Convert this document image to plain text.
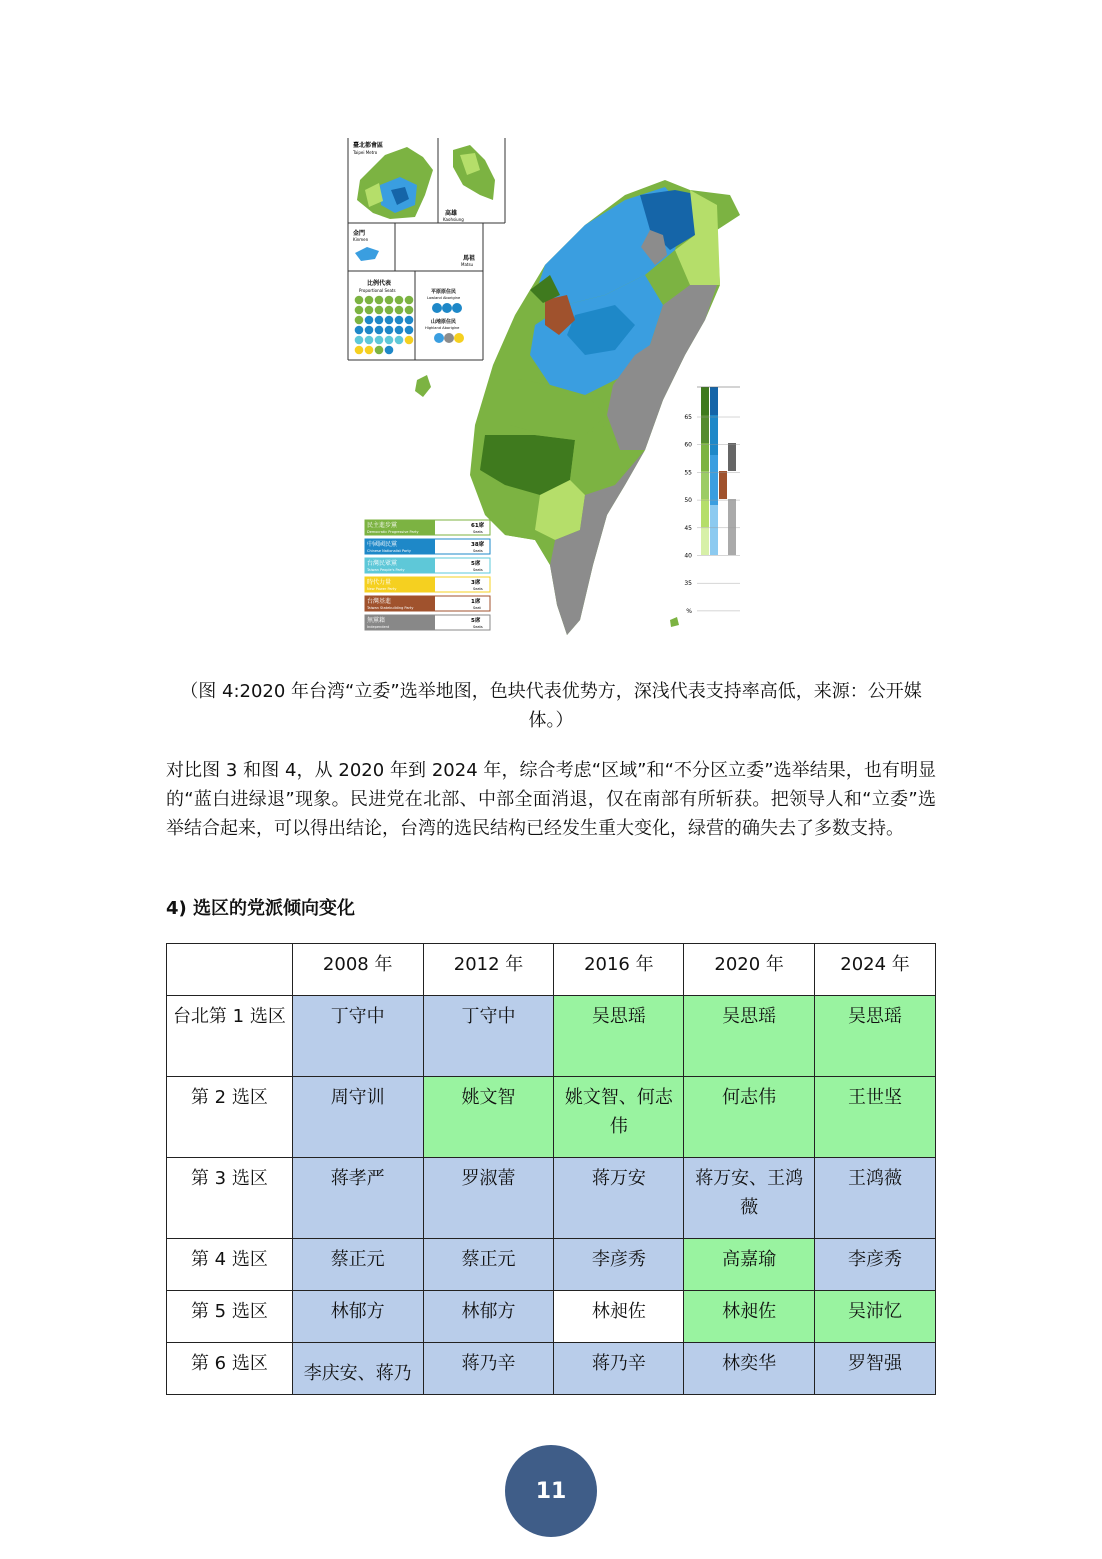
臺北都會區
Taipei Metro
高雄
Kaohsiung
金門
Kinmen
馬祖
Matsu
比例代表
Proportional Seats	平原原住民
Lowland Aborigine
山地原住民
Highland Aborigine
民主進步黨
Democratic Progressive Party
61席
Seats
中國國民黨
Chinese Nationalist Party
38席
Seats
台灣民眾黨
Taiwan People's Party
5席
Seats
時代力量
New Power Party
3席
Seats
台灣基進
Taiwan Statebuilding Party
1席
Seat
無黨籍
Independent
5席
Seats
65
60
55
50
45
40
35
%
（图 4:2020 年台湾“立委”选举地图，色块代表优势方，深浅代表支持率高低，来源：公开媒体。）
对比图 3 和图 4，从 2020 年到 2024 年，综合考虑“区域”和“不分区立委”选举结果，也有明显的“蓝白进绿退”现象。民进党在北部、中部全面消退，仅在南部有所斩获。把领导人和“立委”选举结合起来，可以得出结论，台湾的选民结构已经发生重大变化，绿营的确失去了多数支持。
4) 选区的党派倾向变化
	2008 年	2012 年	2016 年	2020 年	2024 年
台北第 1 选区	丁守中	丁守中	吴思瑶	吴思瑶	吴思瑶
第 2 选区	周守训	姚文智	姚文智、何志伟	何志伟	王世坚
第 3 选区	蒋孝严	罗淑蕾	蒋万安	蒋万安、王鸿薇	王鸿薇
第 4 选区	蔡正元	蔡正元	李彦秀	高嘉瑜	李彦秀
第 5 选区	林郁方	林郁方	林昶佐	林昶佐	吴沛忆
第 6 选区	李庆安、蒋乃	蒋乃辛	蒋乃辛	林奕华	罗智强
11
